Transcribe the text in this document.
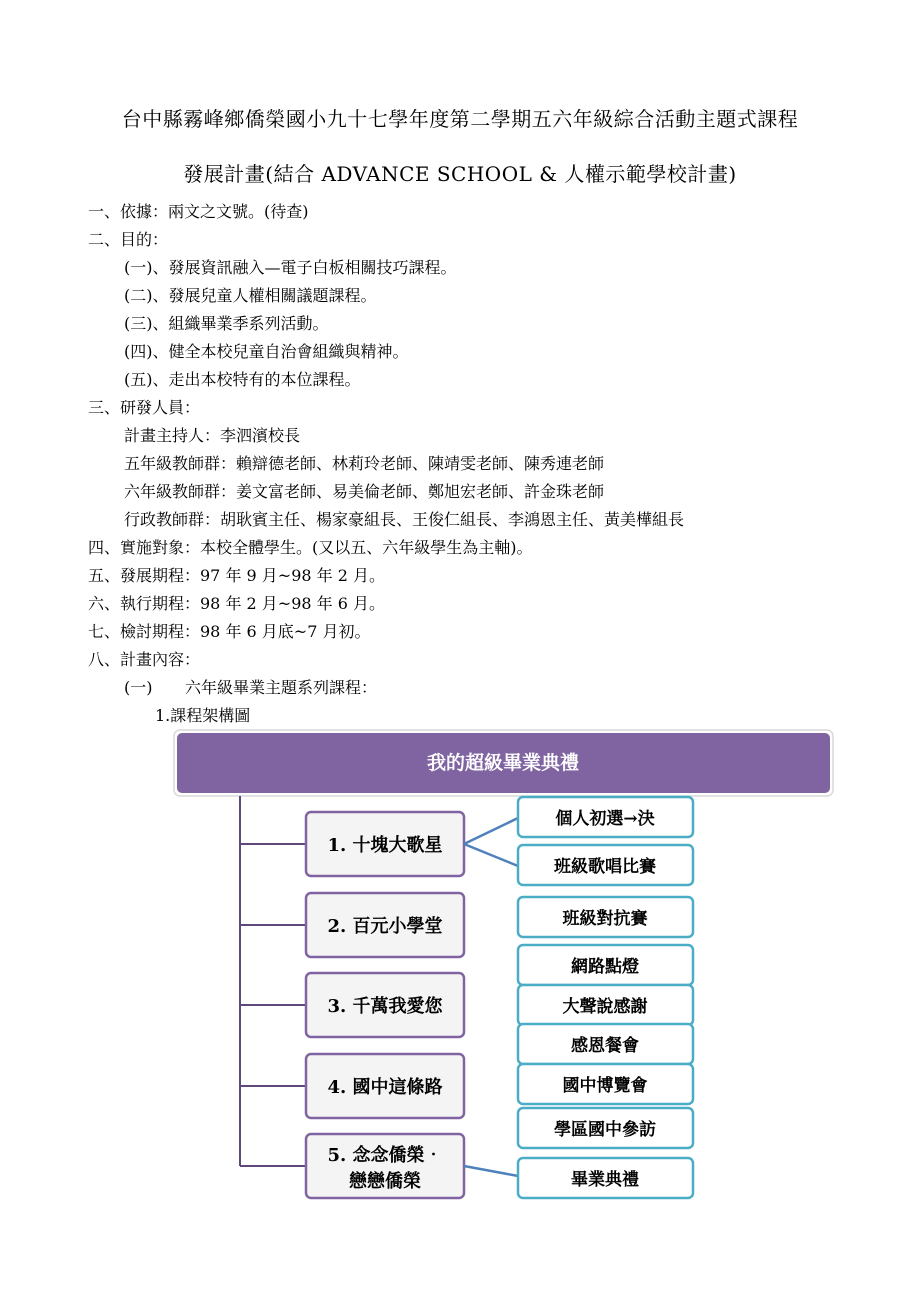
台中縣霧峰鄉僑榮國小九十七學年度第二學期五六年級綜合活動主題式課程
發展計畫(結合 ADVANCE SCHOOL & 人權示範學校計畫)
一、依據：兩文之文號。(待查)
二、目的：
(一)、發展資訊融入—電子白板相關技巧課程。
(二)、發展兒童人權相關議題課程。
(三)、組織畢業季系列活動。
(四)、健全本校兒童自治會組織與精神。
(五)、走出本校特有的本位課程。
三、研發人員：
計畫主持人：李泗濱校長
五年級教師群：賴辯德老師、林莉玲老師、陳靖雯老師、陳秀連老師
六年級教師群：姜文富老師、易美倫老師、鄭旭宏老師、許金珠老師
行政教師群：胡耿賓主任、楊家豪組長、王俊仁組長、李鴻恩主任、黃美樺組長
四、實施對象：本校全體學生。(又以五、六年級學生為主軸)。
五、發展期程：97 年 9 月~98 年 2 月。
六、執行期程：98 年 2 月~98 年 6 月。
七、檢討期程：98 年 6 月底~7 月初。
八、計畫內容：
(一) 六年級畢業主題系列課程：
1.課程架構圖
我的超級畢業典禮
1. 十塊大歌星
2. 百元小學堂
3. 千萬我愛您
4. 國中這條路
5. 念念僑榮‧
戀戀僑榮
個人初選→決
班級歌唱比賽
班級對抗賽
網路點燈
大聲說感謝
感恩餐會
國中博覽會
學區國中參訪
畢業典禮
